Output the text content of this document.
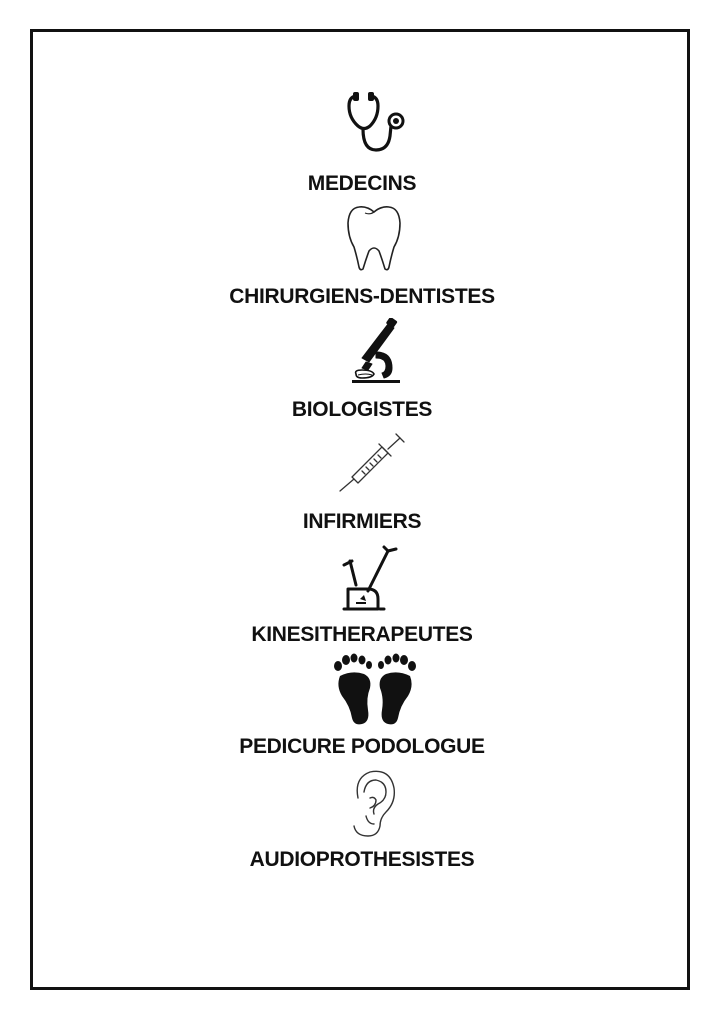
MEDECINS
CHIRURGIENS-DENTISTES
BIOLOGISTES
INFIRMIERS
KINESITHERAPEUTES
PEDICURE PODOLOGUE
AUDIOPROTHESISTES
